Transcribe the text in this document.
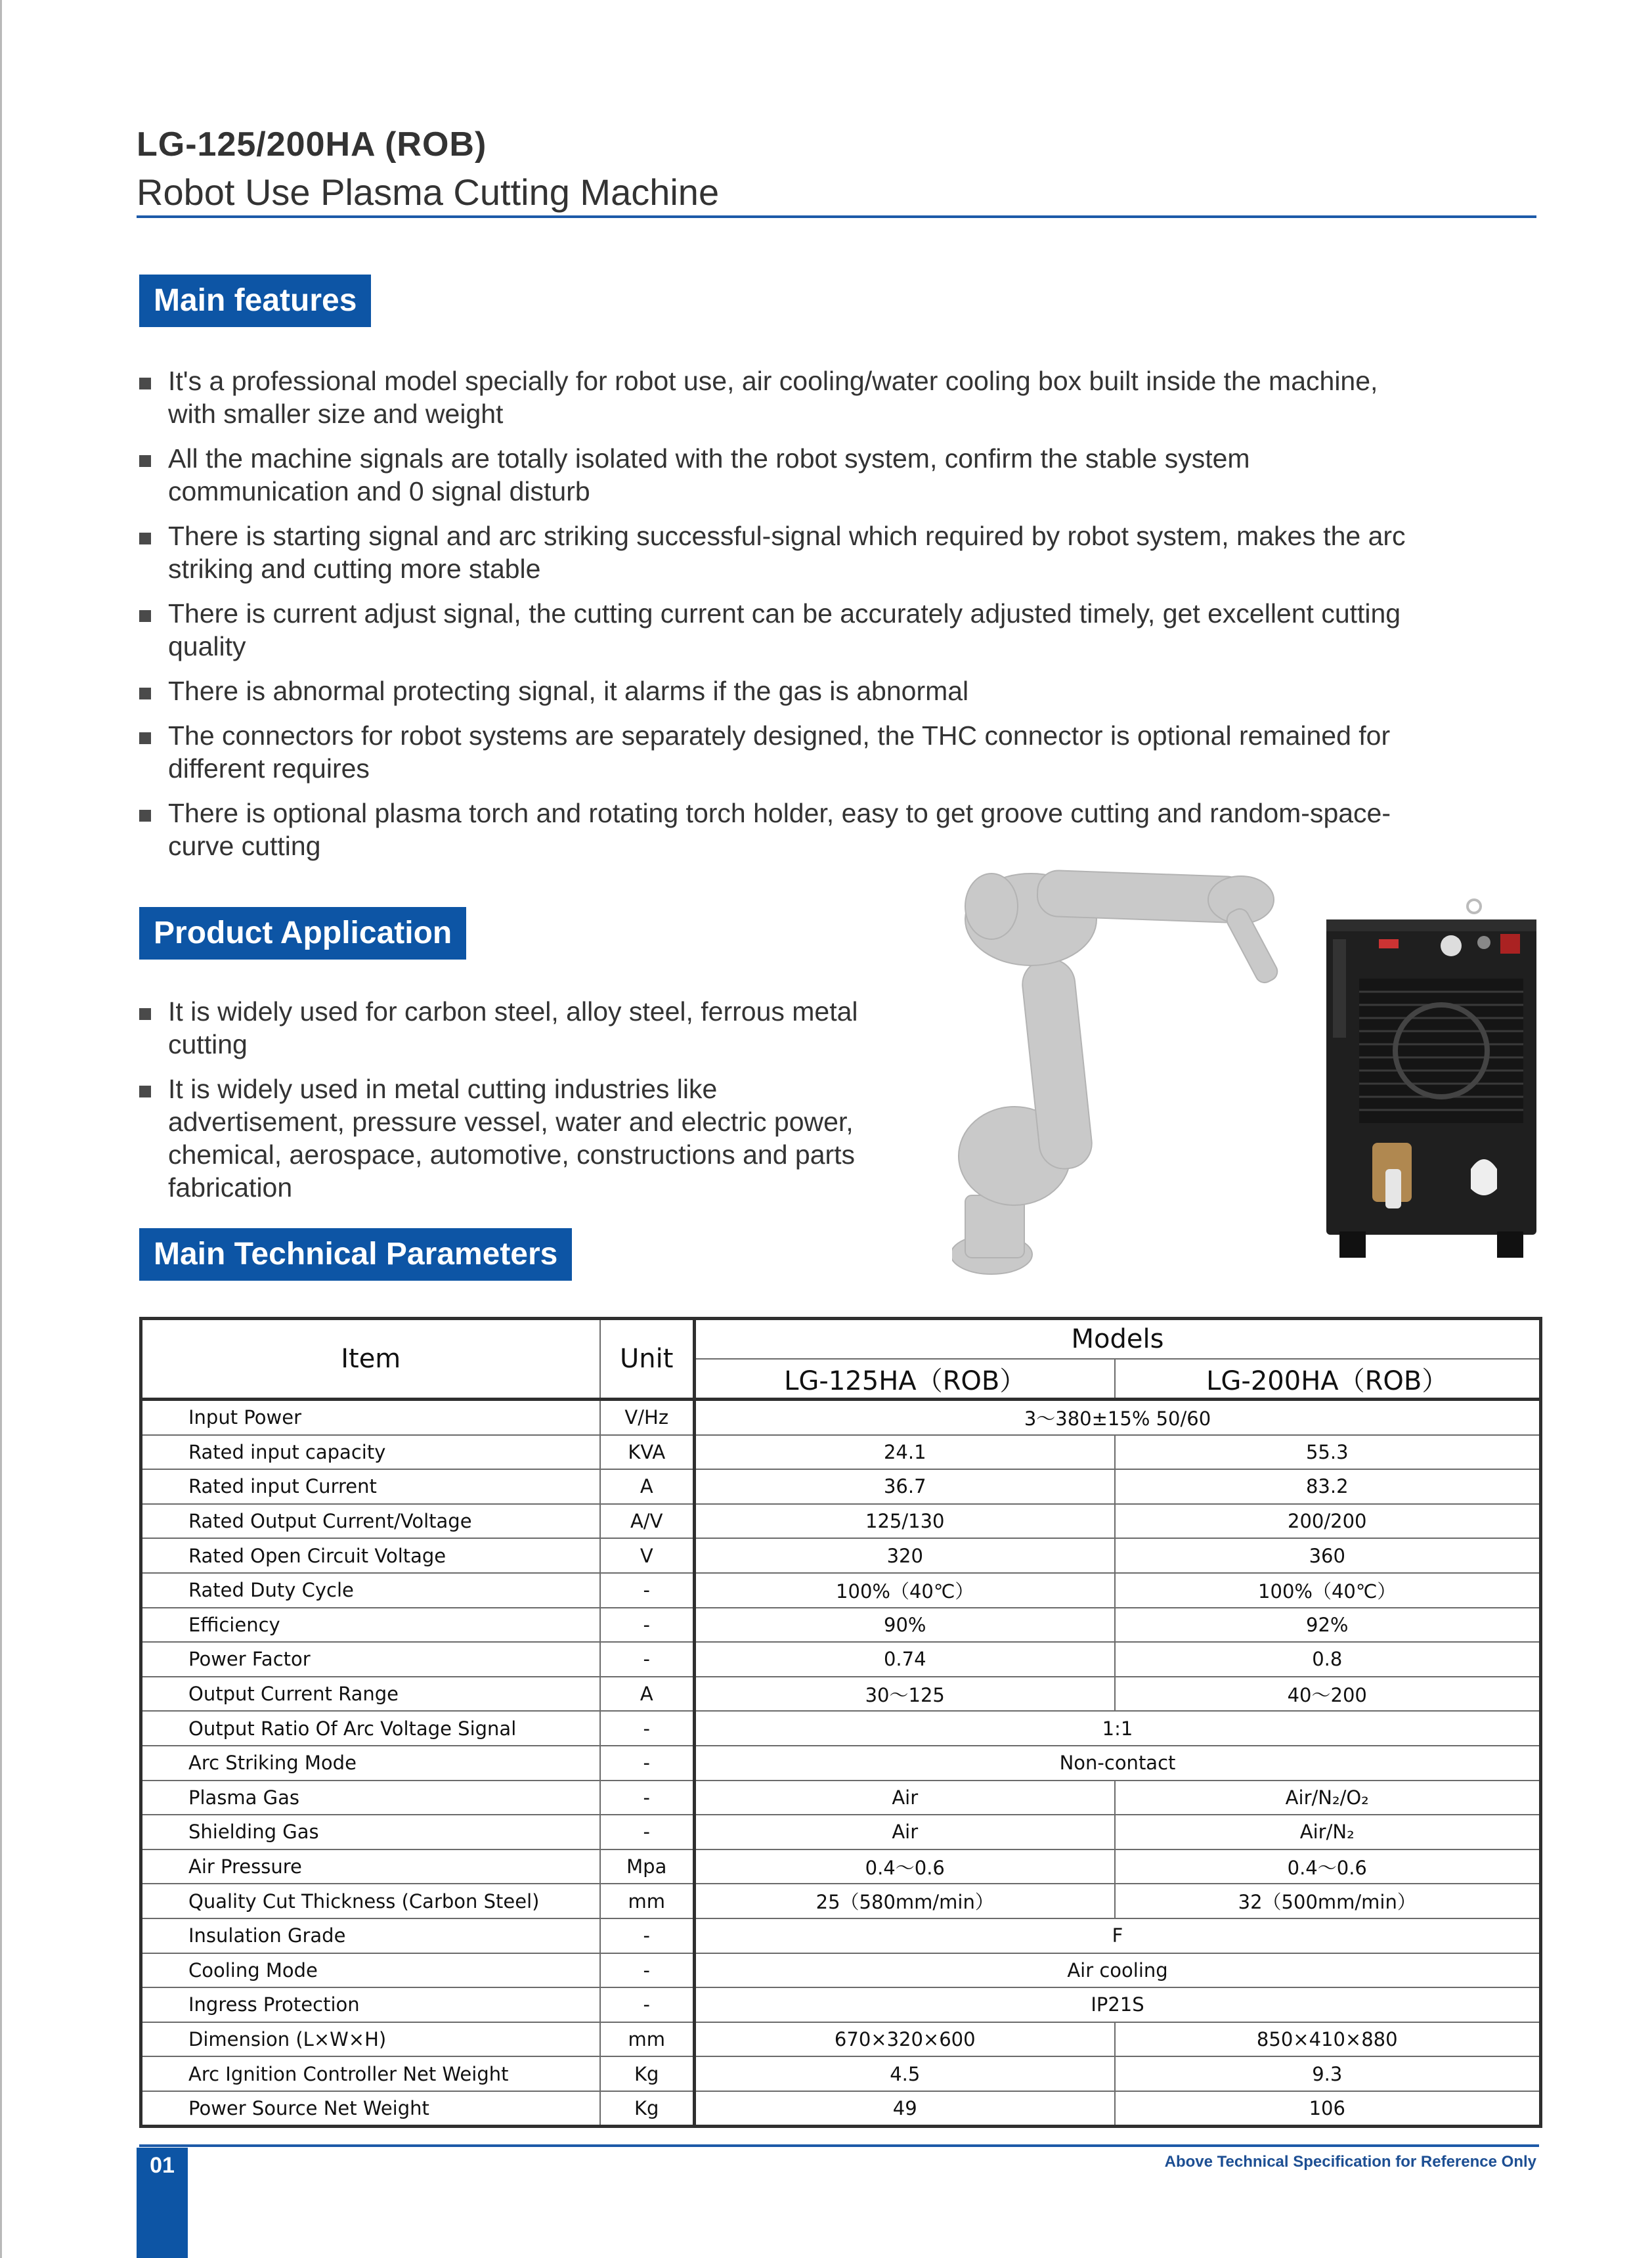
LG-125/200HA (ROB)
Robot Use Plasma Cutting Machine
Main features
It's a professional model specially for robot use, air cooling/water cooling box built inside the machine,
with smaller size and weight
All the machine signals are totally isolated with the robot system, confirm the stable system
communication and 0 signal disturb
There is starting signal and arc striking successful-signal which required by robot system, makes the arc
striking and cutting more stable
There is current adjust signal, the cutting current can be accurately adjusted timely, get excellent cutting
quality
There is abnormal protecting signal, it alarms if the gas is abnormal
The connectors for robot systems are separately designed, the THC connector is optional remained for
different requires
There is optional plasma torch and rotating torch holder, easy to get groove cutting and random-space-
curve cutting
Product Application
It is widely used for carbon steel, alloy steel, ferrous metal
cutting
It is widely used in metal cutting industries like
advertisement, pressure vessel, water and electric power,
chemical, aerospace, automotive, constructions and parts
fabrication
Main Technical Parameters
Item	Unit	Models	
		LG-125HA（ROB）	LG-200HA（ROB）
Input Power	V/Hz	3～380±15% 50/60	
Rated input capacity	KVA	24.1	55.3
Rated input Current	A	36.7	83.2
Rated Output Current/Voltage	A/V	125/130	200/200
Rated Open Circuit Voltage	V	320	360
Rated Duty Cycle	-	100%（40℃）	100%（40℃）
Efficiency	-	90%	92%
Power Factor	-	0.74	0.8
Output Current Range	A	30～125	40～200
Output Ratio Of Arc Voltage Signal	-	1:1	
Arc Striking Mode	-	Non-contact	
Plasma Gas	-	Air	Air/N₂/O₂
Shielding Gas	-	Air	Air/N₂
Air Pressure	Mpa	0.4～0.6	0.4～0.6
Quality Cut Thickness (Carbon Steel)	mm	25（580mm/min）	32（500mm/min）
Insulation Grade	-	F	
Cooling Mode	-	Air cooling	
Ingress Protection	-	IP21S	
Dimension (L×W×H)	mm	670×320×600	850×410×880
Arc Ignition Controller Net Weight	Kg	4.5	9.3
Power Source Net Weight	Kg	49	106
01	Above Technical Specification for Reference Only
